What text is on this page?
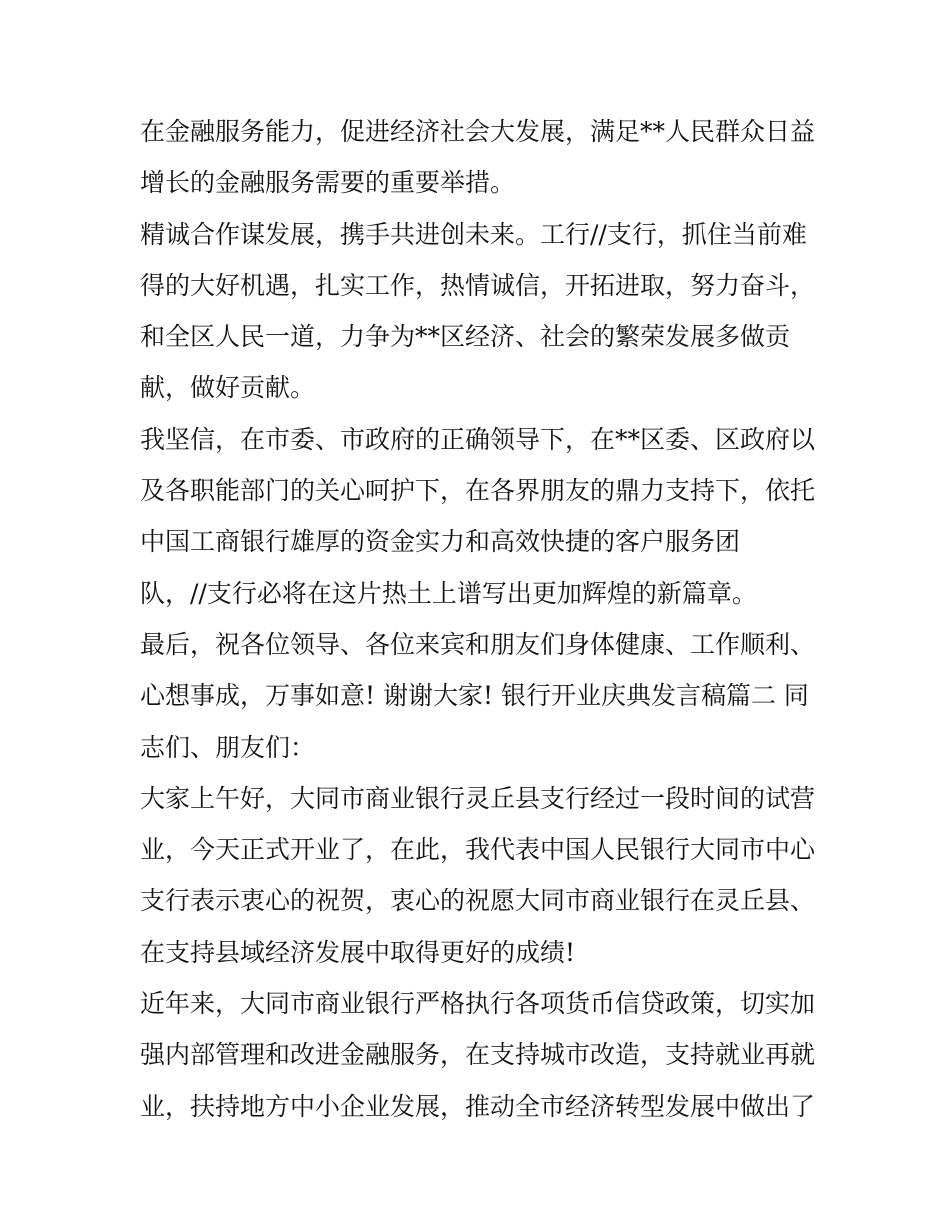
在金融服务能力，促进经济社会大发展，满足**人民群众日益
增长的金融服务需要的重要举措。
精诚合作谋发展，携手共进创未来。工行//支行，抓住当前难
得的大好机遇，扎实工作，热情诚信，开拓进取，努力奋斗，
和全区人民一道，力争为**区经济、社会的繁荣发展多做贡
献，做好贡献。
我坚信，在市委、市政府的正确领导下，在**区委、区政府以
及各职能部门的关心呵护下，在各界朋友的鼎力支持下，依托
中国工商银行雄厚的资金实力和高效快捷的客户服务团
队，//支行必将在这片热土上谱写出更加辉煌的新篇章。
最后，祝各位领导、各位来宾和朋友们身体健康、工作顺利、
心想事成，万事如意! 谢谢大家! 银行开业庆典发言稿篇二 同
志们、朋友们：
大家上午好，大同市商业银行灵丘县支行经过一段时间的试营
业，今天正式开业了，在此，我代表中国人民银行大同市中心
支行表示衷心的祝贺，衷心的祝愿大同市商业银行在灵丘县、
在支持县域经济发展中取得更好的成绩!
近年来，大同市商业银行严格执行各项货币信贷政策，切实加
强内部管理和改进金融服务，在支持城市改造，支持就业再就
业，扶持地方中小企业发展，推动全市经济转型发展中做出了
